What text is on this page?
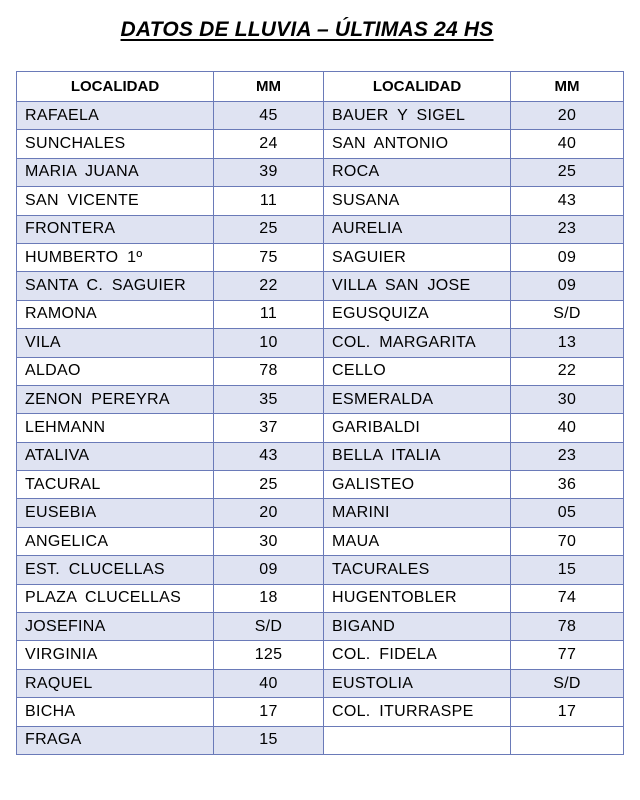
DATOS DE LLUVIA – ÚLTIMAS 24 HS
LOCALIDAD	MM	LOCALIDAD	MM
RAFAELA	45	BAUER Y SIGEL	20
SUNCHALES	24	SAN ANTONIO	40
MARIA JUANA	39	ROCA	25
SAN VICENTE	11	SUSANA	43
FRONTERA	25	AURELIA	23
HUMBERTO 1º	75	SAGUIER	09
SANTA C. SAGUIER	22	VILLA SAN JOSE	09
RAMONA	11	EGUSQUIZA	S/D
VILA	10	COL. MARGARITA	13
ALDAO	78	CELLO	22
ZENON PEREYRA	35	ESMERALDA	30
LEHMANN	37	GARIBALDI	40
ATALIVA	43	BELLA ITALIA	23
TACURAL	25	GALISTEO	36
EUSEBIA	20	MARINI	05
ANGELICA	30	MAUA	70
EST. CLUCELLAS	09	TACURALES	15
PLAZA CLUCELLAS	18	HUGENTOBLER	74
JOSEFINA	S/D	BIGAND	78
VIRGINIA	125	COL. FIDELA	77
RAQUEL	40	EUSTOLIA	S/D
BICHA	17	COL. ITURRASPE	17
FRAGA	15		
